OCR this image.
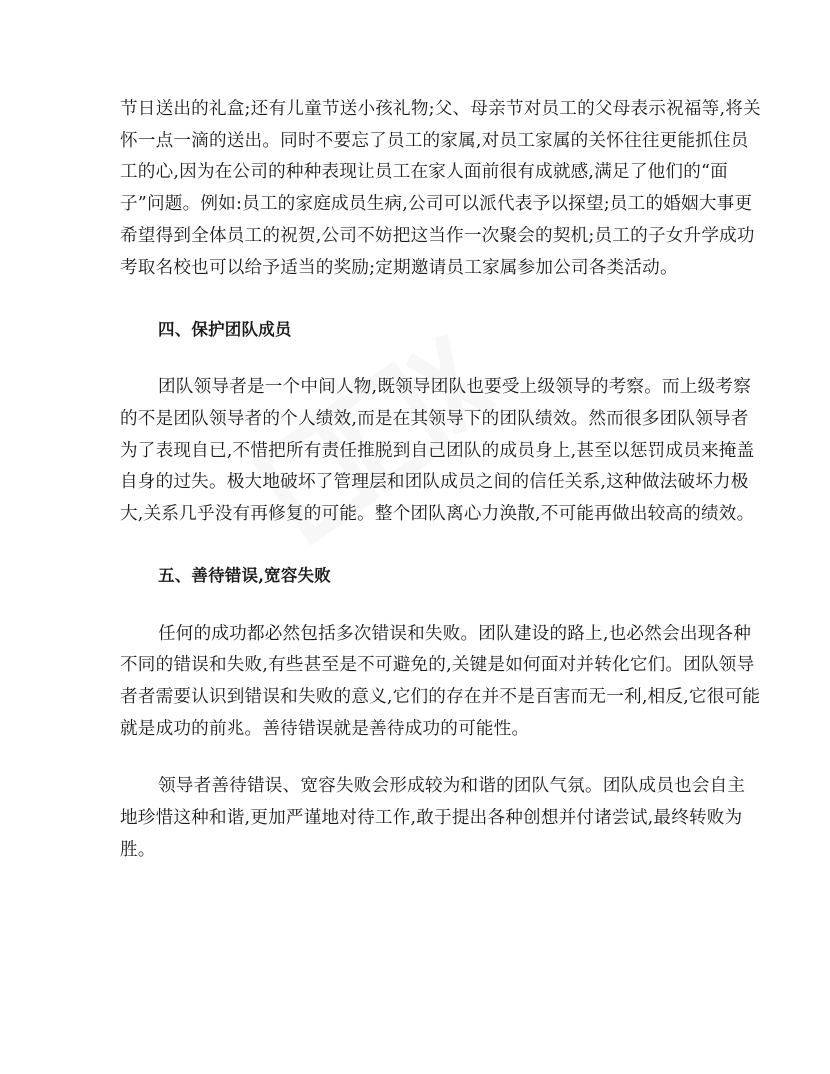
节日送出的礼盒;还有儿童节送小孩礼物;父、母亲节对员工的父母表示祝福等,将关
怀一点一滴的送出。同时不要忘了员工的家属,对员工家属的关怀往往更能抓住员
工的心,因为在公司的种种表现让员工在家人面前很有成就感,满足了他们的“面
子”问题。例如:员工的家庭成员生病,公司可以派代表予以探望;员工的婚姻大事更
希望得到全体员工的祝贺,公司不妨把这当作一次聚会的契机;员工的子女升学成功
考取名校也可以给予适当的奖励;定期邀请员工家属参加公司各类活动。
四、保护团队成员
团队领导者是一个中间人物,既领导团队也要受上级领导的考察。而上级考察
的不是团队领导者的个人绩效,而是在其领导下的团队绩效。然而很多团队领导者
为了表现自已,不惜把所有责任推脱到自己团队的成员身上,甚至以惩罚成员来掩盖
自身的过失。极大地破坏了管理层和团队成员之间的信任关系,这种做法破坏力极
大,关系几乎没有再修复的可能。整个团队离心力涣散,不可能再做出较高的绩效。
五、善待错误,宽容失败
任何的成功都必然包括多次错误和失败。团队建设的路上,也必然会出现各种
不同的错误和失败,有些甚至是不可避免的,关键是如何面对并转化它们。团队领导
者者需要认识到错误和失败的意义,它们的存在并不是百害而无一利,相反,它很可能
就是成功的前兆。善待错误就是善待成功的可能性。
领导者善待错误、宽容失败会形成较为和谐的团队气氛。团队成员也会自主
地珍惜这种和谐,更加严谨地对待工作,敢于提出各种创想并付诸尝试,最终转败为
胜。
